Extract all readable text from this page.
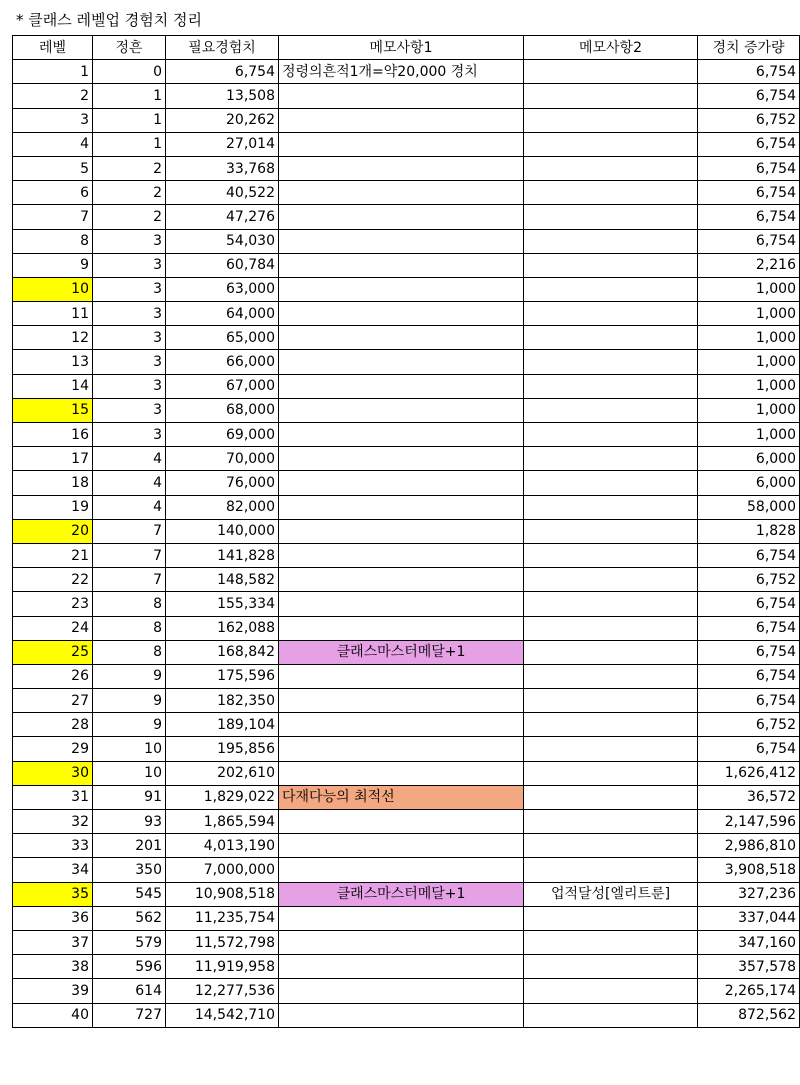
* 클래스 레벨업 경험치 정리
레벨	정흔	필요경험치	메모사항1	메모사항2	경치 증가량
1	0	6,754	정령의흔적1개=약20,000 경치		6,754
2	1	13,508			6,754
3	1	20,262			6,752
4	1	27,014			6,754
5	2	33,768			6,754
6	2	40,522			6,754
7	2	47,276			6,754
8	3	54,030			6,754
9	3	60,784			2,216
10	3	63,000			1,000
11	3	64,000			1,000
12	3	65,000			1,000
13	3	66,000			1,000
14	3	67,000			1,000
15	3	68,000			1,000
16	3	69,000			1,000
17	4	70,000			6,000
18	4	76,000			6,000
19	4	82,000			58,000
20	7	140,000			1,828
21	7	141,828			6,754
22	7	148,582			6,752
23	8	155,334			6,754
24	8	162,088			6,754
25	8	168,842	클래스마스터메달+1		6,754
26	9	175,596			6,754
27	9	182,350			6,754
28	9	189,104			6,752
29	10	195,856			6,754
30	10	202,610			1,626,412
31	91	1,829,022	다재다능의 최적선		36,572
32	93	1,865,594			2,147,596
33	201	4,013,190			2,986,810
34	350	7,000,000			3,908,518
35	545	10,908,518	클래스마스터메달+1	업적달성[엘리트룬]	327,236
36	562	11,235,754			337,044
37	579	11,572,798			347,160
38	596	11,919,958			357,578
39	614	12,277,536			2,265,174
40	727	14,542,710			872,562
